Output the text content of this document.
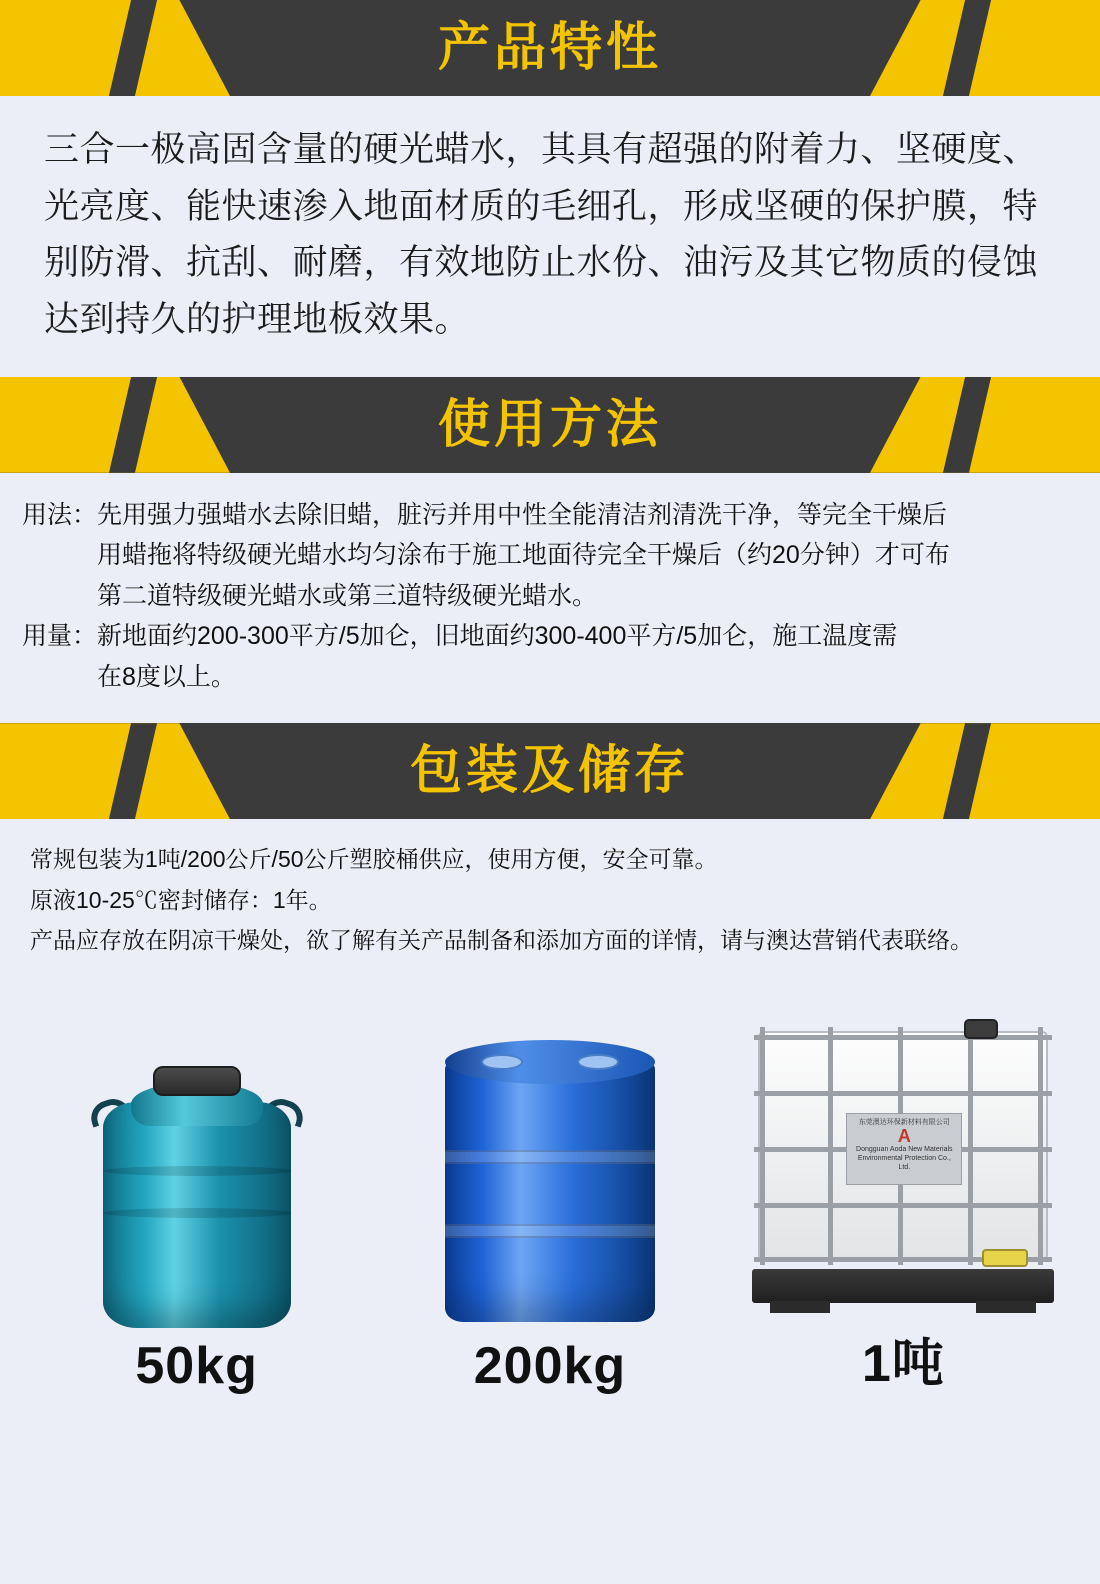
产品特性
三合一极高固含量的硬光蜡水，其具有超强的附着力、坚硬度、光亮度、能快速渗入地面材质的毛细孔，形成坚硬的保护膜，特别防滑、抗刮、耐磨，有效地防止水份、油污及其它物质的侵蚀达到持久的护理地板效果。
使用方法
用法： 先用强力强蜡水去除旧蜡，脏污并用中性全能清洁剂清洗干净，等完全干燥后
用蜡拖将特级硬光蜡水均匀涂布于施工地面待完全干燥后（约20分钟）才可布
第二道特级硬光蜡水或第三道特级硬光蜡水。
用量： 新地面约200-300平方/5加仑，旧地面约300-400平方/5加仑，施工温度需
在8度以上。
包装及储存
常规包装为1吨/200公斤/50公斤塑胶桶供应，使用方便，安全可靠。
原液10-25℃密封储存：1年。
产品应存放在阴凉干燥处，欲了解有关产品制备和添加方面的详情，请与澳达营销代表联络。
50kg	200kg
东莞澳达环保新材料有限公司

A
Dongguan Aoda New Materials Environmental Protection Co., Ltd.
1吨
